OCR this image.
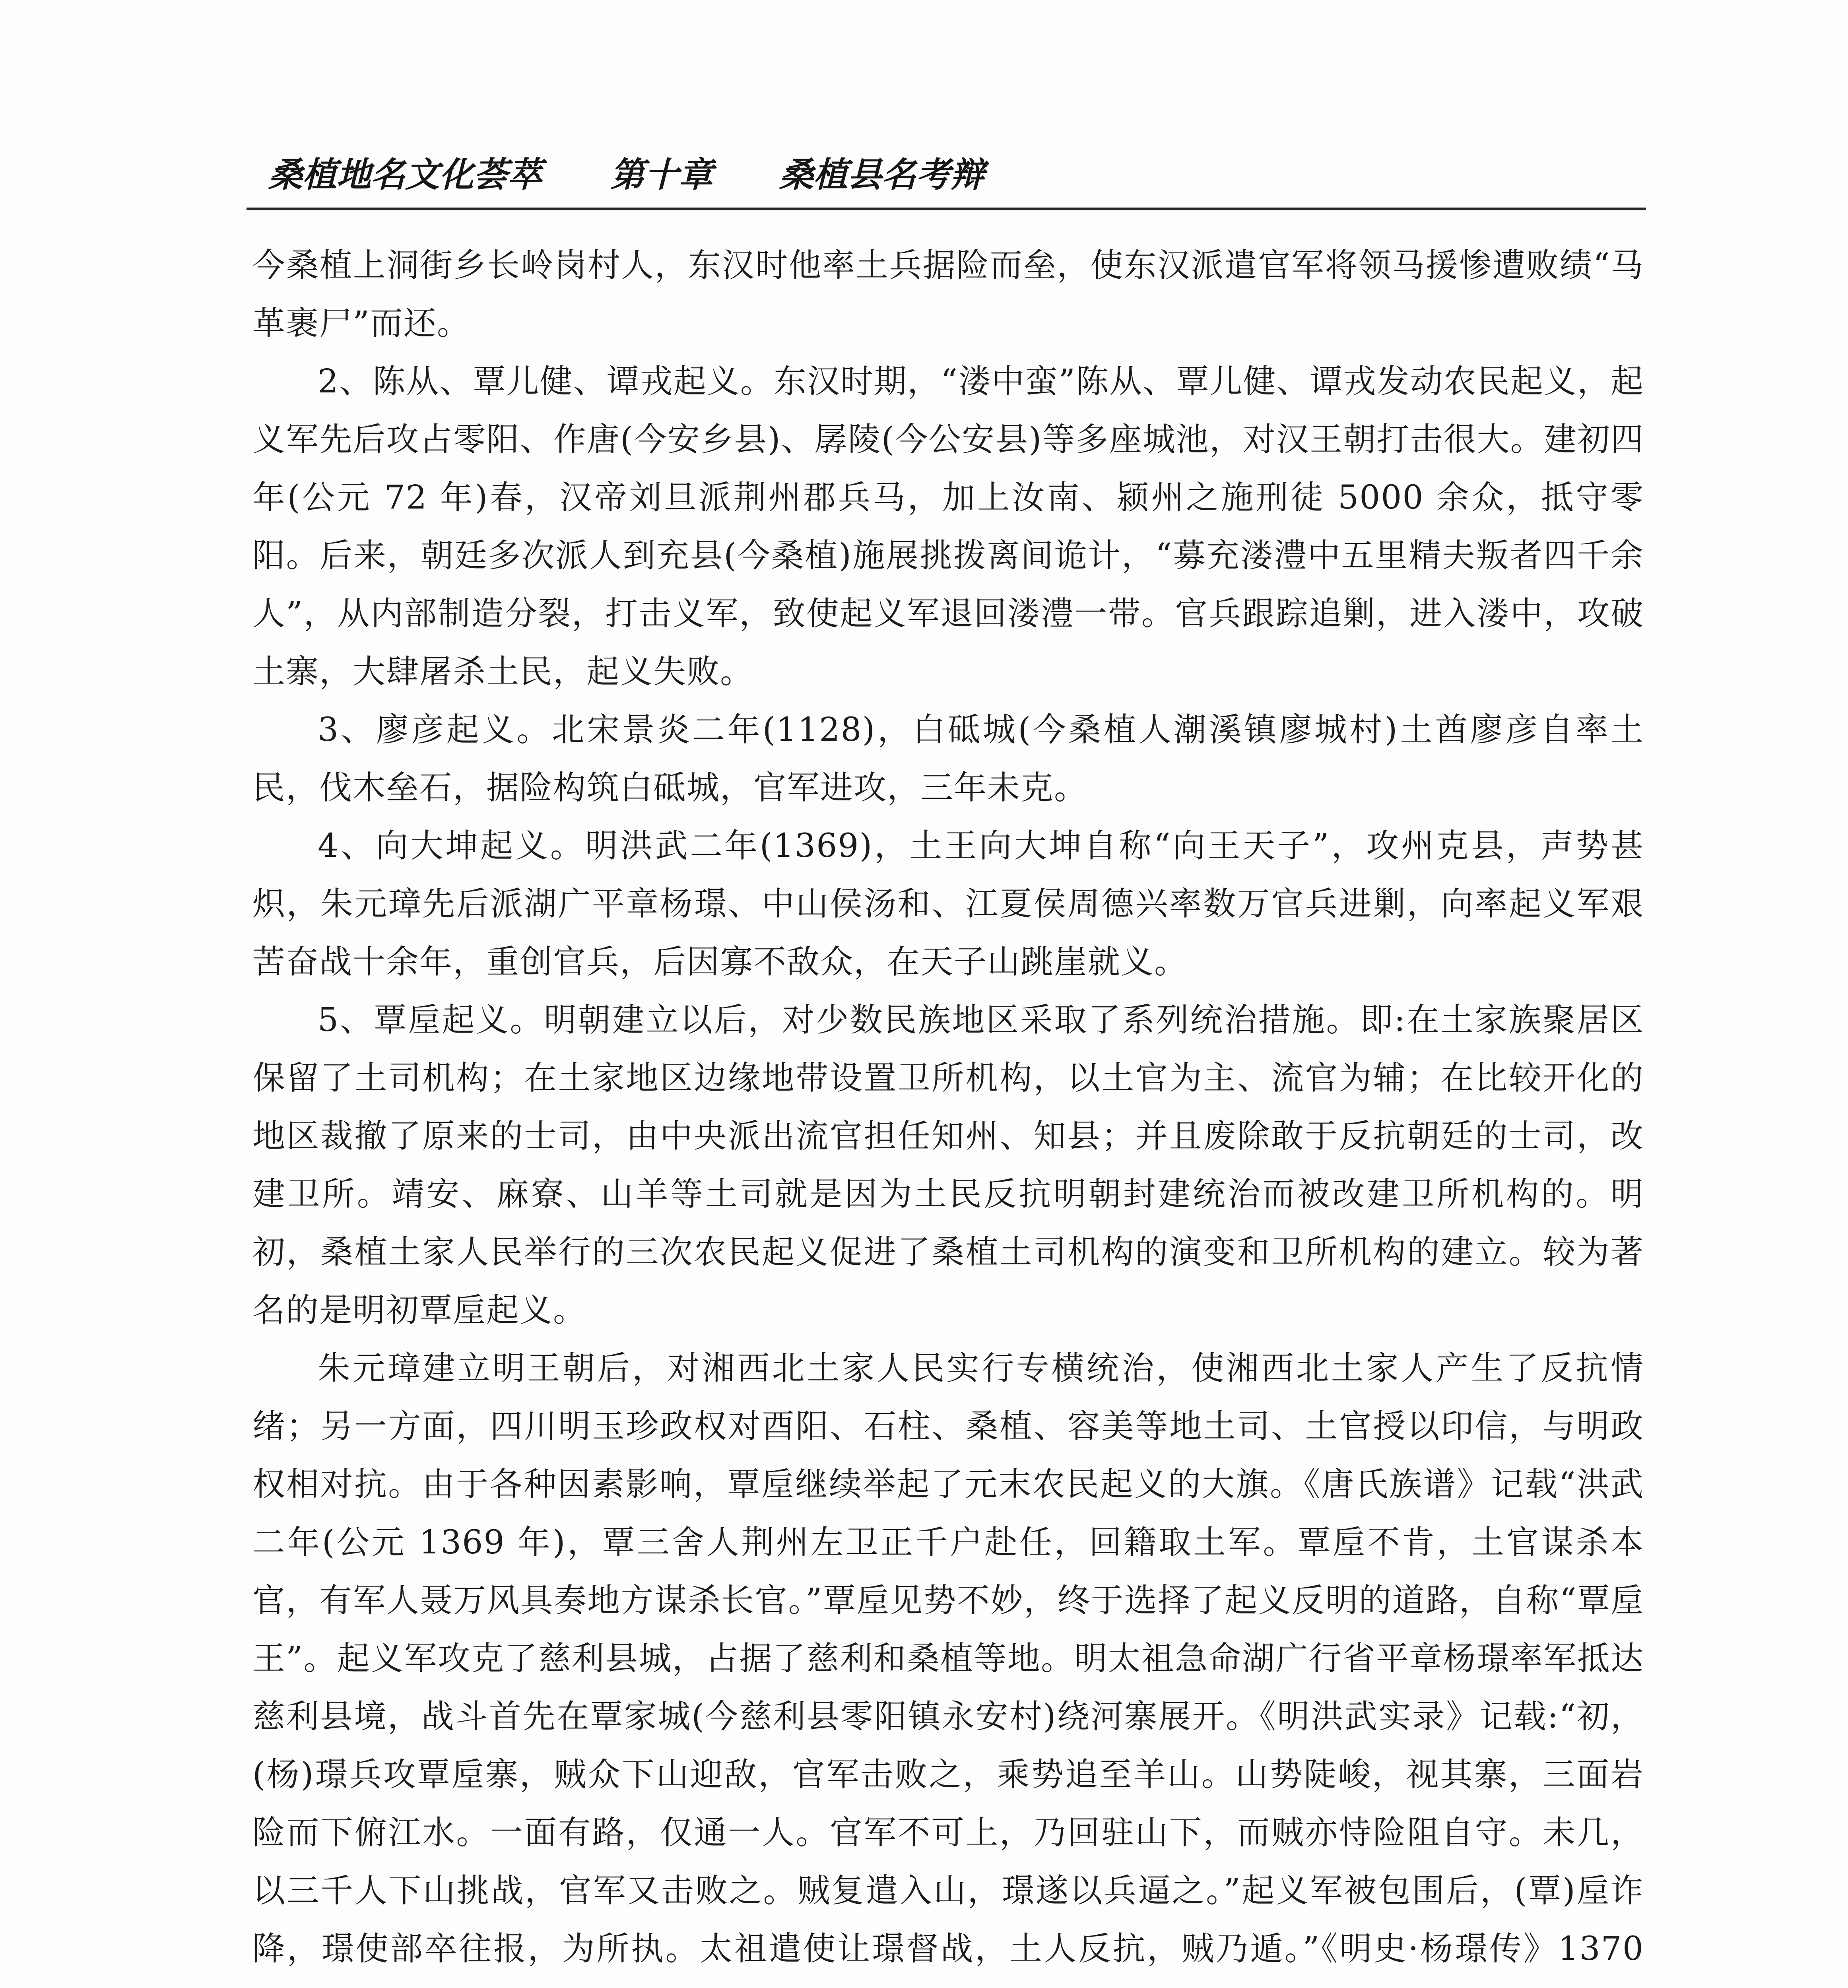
桑植地名文化荟萃 第十章 桑植县名考辩

今桑植上洞街乡长岭岗村人，东汉时他率土兵据险而垒，使东汉派遣官军将领马援惨遭败绩“马革裹尸”而还。

2、陈从、覃儿健、谭戎起义。东汉时期，“溇中蛮”陈从、覃儿健、谭戎发动农民起义，起义军先后攻占零阳、作唐(今安乡县)、孱陵(今公安县)等多座城池，对汉王朝打击很大。建初四年(公元 72 年)春，汉帝刘旦派荆州郡兵马，加上汝南、颍州之施刑徒 5000 余众，抵守零阳。后来，朝廷多次派人到充县(今桑植)施展挑拨离间诡计，“募充溇澧中五里精夫叛者四千余人”，从内部制造分裂，打击义军，致使起义军退回溇澧一带。官兵跟踪追剿，进入溇中，攻破土寨，大肆屠杀土民，起义失败。

3、廖彦起义。北宋景炎二年(1128)，白砥城(今桑植人潮溪镇廖城村)土酋廖彦自率土民，伐木垒石，据险构筑白砥城，官军进攻，三年未克。

4、向大坤起义。明洪武二年(1369)，土王向大坤自称“向王天子”，攻州克县，声势甚炽，朱元璋先后派湖广平章杨璟、中山侯汤和、江夏侯周德兴率数万官兵进剿，向率起义军艰苦奋战十余年，重创官兵，后因寡不敌众，在天子山跳崖就义。

5、覃垕起义。明朝建立以后，对少数民族地区采取了系列统治措施。即:在土家族聚居区保留了土司机构；在土家地区边缘地带设置卫所机构，以土官为主、流官为辅；在比较开化的地区裁撤了原来的士司，由中央派出流官担任知州、知县；并且废除敢于反抗朝廷的士司，改建卫所。靖安、麻寮、山羊等土司就是因为土民反抗明朝封建统治而被改建卫所机构的。明初，桑植土家人民举行的三次农民起义促进了桑植土司机构的演变和卫所机构的建立。较为著名的是明初覃垕起义。

朱元璋建立明王朝后，对湘西北土家人民实行专横统治，使湘西北土家人产生了反抗情绪；另一方面，四川明玉珍政权对酉阳、石柱、桑植、容美等地土司、土官授以印信，与明政权相对抗。由于各种因素影响，覃垕继续举起了元末农民起义的大旗。《唐氏族谱》记载“洪武二年(公元 1369 年)，覃三舍人荆州左卫正千户赴任，回籍取土军。覃垕不肯，土官谋杀本官，有军人聂万风具奏地方谋杀长官。”覃垕见势不妙，终于选择了起义反明的道路，自称“覃垕王”。起义军攻克了慈利县城，占据了慈利和桑植等地。明太祖急命湖广行省平章杨璟率军抵达慈利县境，战斗首先在覃家城(今慈利县零阳镇永安村)绕河寨展开。《明洪武实录》记载:“初，(杨)璟兵攻覃垕寨，贼众下山迎敌，官军击败之，乘势追至羊山。山势陡峻，视其寨，三面岩险而下俯江水。一面有路，仅通一人。官军不可上，乃回驻山下，而贼亦恃险阻自守。未几，以三千人下山挑战，官军又击败之。贼复遣入山，璟遂以兵逼之。”起义军被包围后，(覃)垕诈降，璟使部卒往报，为所执。太祖遣使让璟督战，土人反抗，贼乃遁。”《明史·杨璟传》1370
